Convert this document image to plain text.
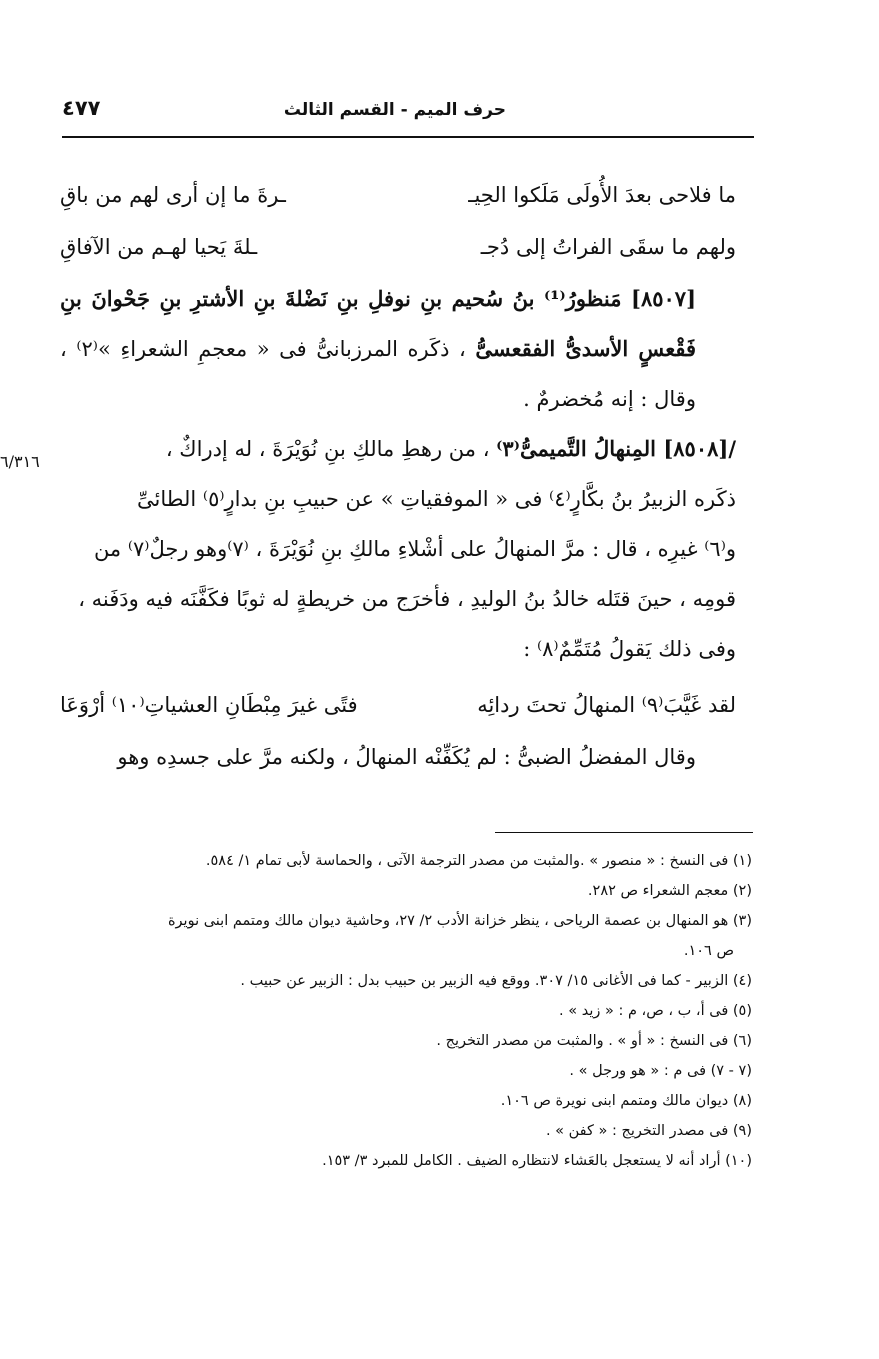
حرف الميم - القسم الثالث
٤٧٧
ما فلاحى بعدَ الأُولَى مَلَكوا الحِيـ
ـرةَ ما إن أرى لهم من باقِ
ولهم ما سقَى الفراتُ إلى دُجـ
ـلةَ يَحيا لهـم من الآفاقِ

[٨٥٠٧] مَنظورُ⁽¹⁾ بنُ سُحيم بنِ نوفلِ بنِ نَضْلةَ بنِ الأشترِ بنِ جَحْوانَ بنِ فَقْعسٍ الأسدىُّ الفقعسىُّ ، ذكَره المرزبانىُّ فى « معجمِ الشعراءِ »⁽٢⁾ ، وقال : إنه مُخضرمٌ .

/[٨٥٠٨] المِنهالُ التَّميمىُّ⁽٣⁾ ، من رهطِ مالكِ بنِ نُوَيْرَةَ ، له إدراكٌ ،

ذكَره الزبيرُ بنُ بكَّارٍ⁽٤⁾ فى « الموفقياتِ » عن حبيبِ بنِ بدارٍ⁽٥⁾ الطائىِّ

و⁽٦⁾ غيرِه ، قال : مرَّ المنهالُ على أشْلاءِ مالكِ بنِ نُوَيْرَةَ ، ⁽٧⁾وهو رجلٌ⁽٧⁾ من

قومِه ، حينَ قتَله خالدُ بنُ الوليدِ ، فأخرَج من خريطةٍ له ثوبًا فكَفَّنَه فيه ودَفَنه ،

وفى ذلك يَقولُ مُتَمِّمٌ⁽٨⁾ :

لقد غَيَّبَ⁽٩⁾ المنهالُ تحتَ ردائِه
فتًى غيرَ مِبْطَانِ العشياتِ⁽١٠⁾ أرْوَعَا

وقال المفضلُ الضبىُّ : لم يُكَفِّنْه المنهالُ ، ولكنه مرَّ على جسدِه وهو

٦/٣١٦

(١) فى النسخ : « منصور » .والمثبت من مصدر الترجمة الآتى ، والحماسة لأبى تمام ١/ ٥٨٤.

(٢) معجم الشعراء ص ٢٨٢.

(٣) هو المنهال بن عصمة الرياحى ، ينظر خزانة الأدب ٢/ ٢٧، وحاشية ديوان مالك ومتمم ابنى نويرة

ص ١٠٦.

(٤) الزبير - كما فى الأغانى ١٥/ ٣٠٧. ووقع فيه الزبير بن حبيب بدل : الزبير عن حبيب .

(٥) فى أ، ب ، ص، م : « زيد » .

(٦) فى النسخ : « أو » . والمثبت من مصدر التخريج .

(٧ - ٧) فى م : « هو ورجل » .

(٨) ديوان مالك ومتمم ابنى نويرة ص ١٠٦.

(٩) فى مصدر التخريج : « كفن » .

(١٠) أراد أنه لا يستعجل بالعَشاء لانتظاره الضيف . الكامل للمبرد ٣/ ١٥٣.
